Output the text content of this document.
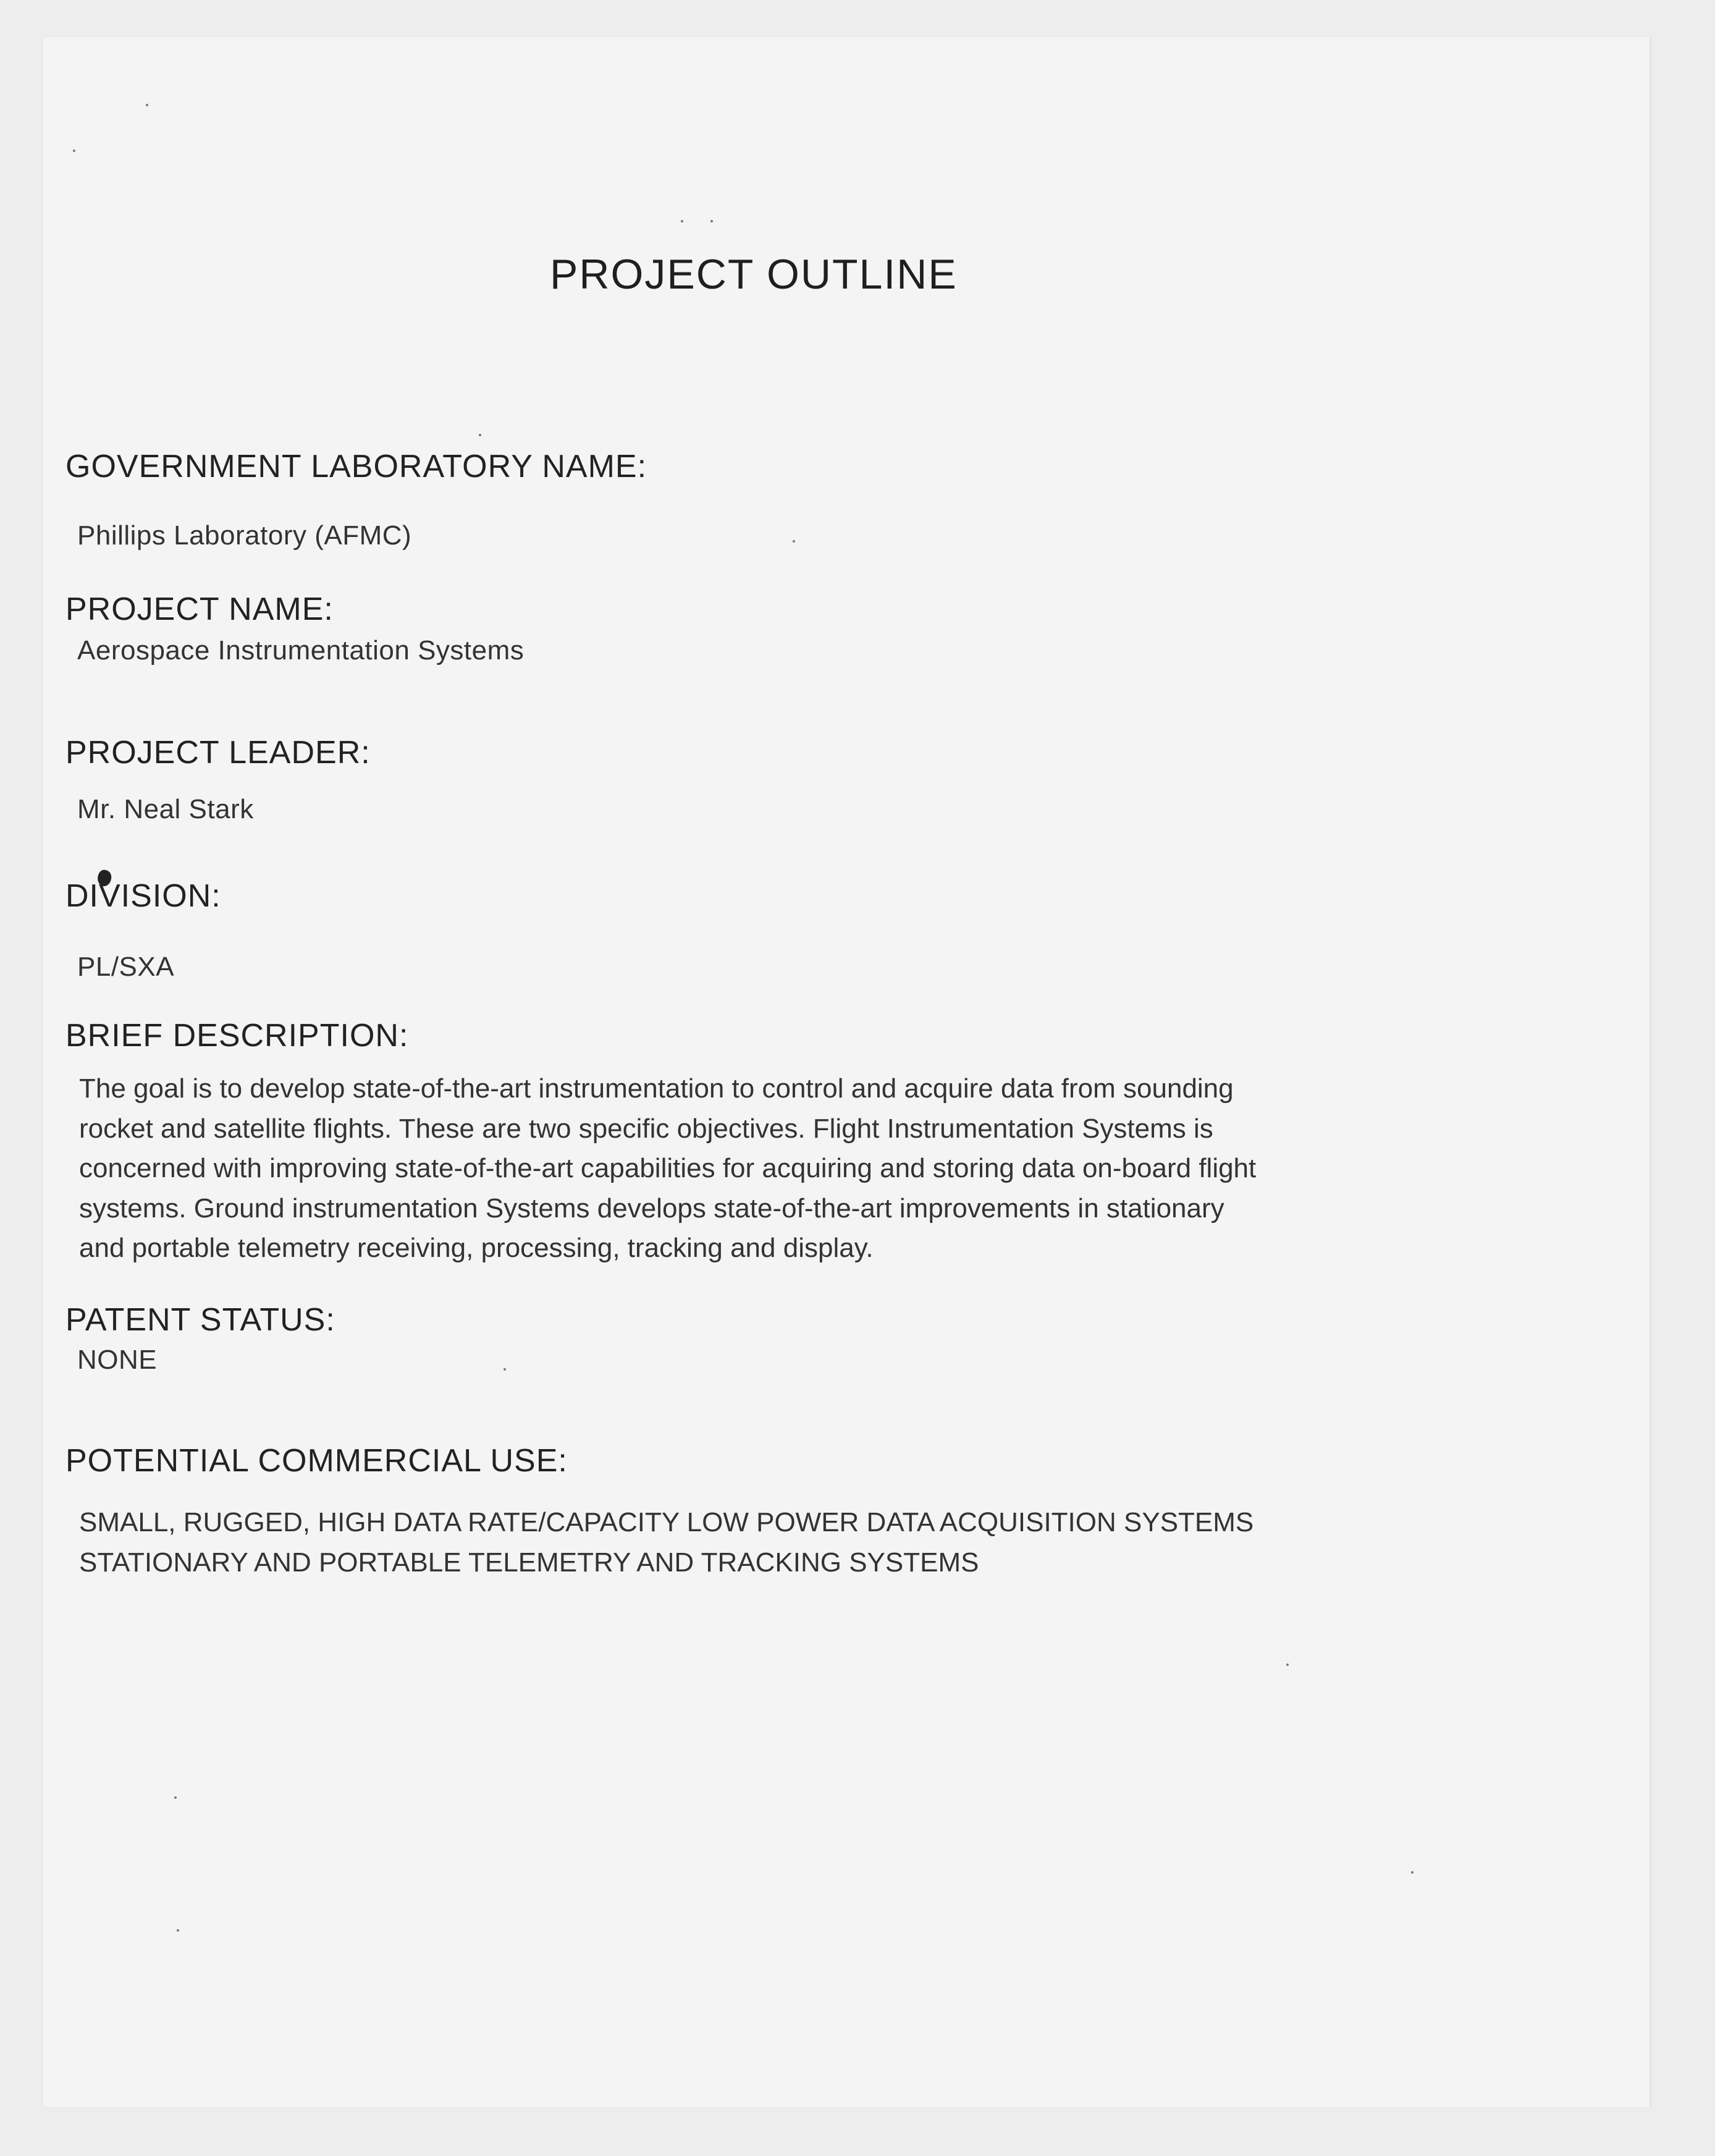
PROJECT OUTLINE
GOVERNMENT LABORATORY NAME:
Phillips Laboratory (AFMC)
PROJECT NAME:
Aerospace Instrumentation Systems
PROJECT LEADER:
Mr. Neal Stark
DIVISION:
PL/SXA
BRIEF DESCRIPTION:
The goal is to develop state-of-the-art instrumentation to control and acquire data from sounding
rocket and satellite flights. These are two specific objectives. Flight Instrumentation Systems is
concerned with improving state-of-the-art capabilities for acquiring and storing data on-board flight
systems. Ground instrumentation Systems develops state-of-the-art improvements in stationary
and portable telemetry receiving, processing, tracking and display.
PATENT STATUS:
NONE
POTENTIAL COMMERCIAL USE:
SMALL, RUGGED, HIGH DATA RATE/CAPACITY LOW POWER DATA ACQUISITION SYSTEMS
STATIONARY AND PORTABLE TELEMETRY AND TRACKING SYSTEMS
